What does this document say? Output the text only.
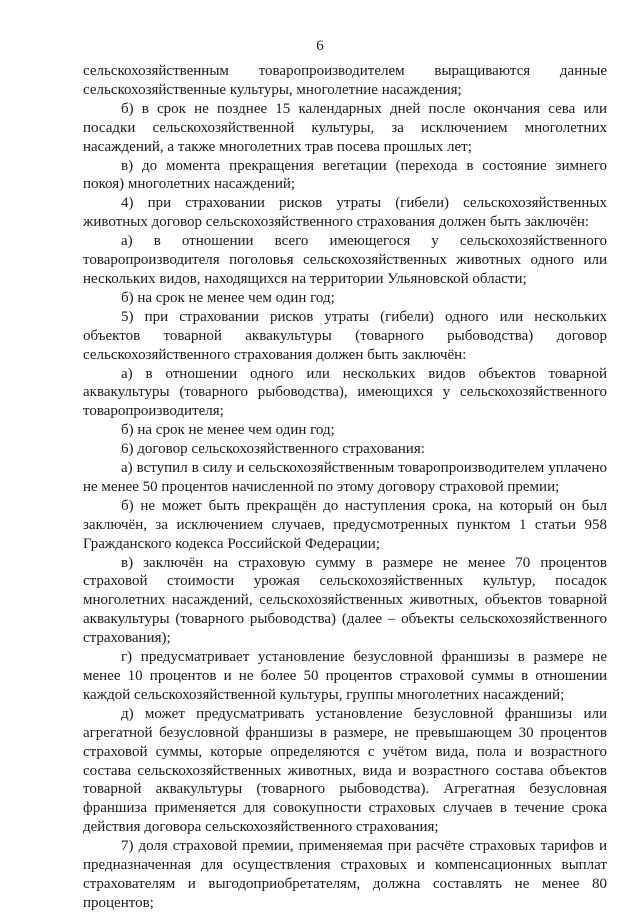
6

сельскохозяйственным товаропроизводителем выращиваются данные сельскохозяйственные культуры, многолетние насаждения;

б) в срок не позднее 15 календарных дней после окончания сева или посадки сельскохозяйственной культуры, за исключением многолетних насаждений, а также многолетних трав посева прошлых лет;

в) до момента прекращения вегетации (перехода в состояние зимнего покоя) многолетних насаждений;

4) при страховании рисков утраты (гибели) сельскохозяйственных животных договор сельскохозяйственного страхования должен быть заключён:

а) в отношении всего имеющегося у сельскохозяйственного товаропроизводителя поголовья сельскохозяйственных животных одного или нескольких видов, находящихся на территории Ульяновской области;

б) на срок не менее чем один год;

5) при страховании рисков утраты (гибели) одного или нескольких объектов товарной аквакультуры (товарного рыбоводства) договор сельскохозяйственного страхования должен быть заключён:

а) в отношении одного или нескольких видов объектов товарной аквакультуры (товарного рыбоводства), имеющихся у сельскохозяйственного товаропроизводителя;

б) на срок не менее чем один год;

6) договор сельскохозяйственного страхования:

а) вступил в силу и сельскохозяйственным товаропроизводителем уплачено не менее 50 процентов начисленной по этому договору страховой премии;

б) не может быть прекращён до наступления срока, на который он был заключён, за исключением случаев, предусмотренных пунктом 1 статьи 958 Гражданского кодекса Российской Федерации;

в) заключён на страховую сумму в размере не менее 70 процентов страховой стоимости урожая сельскохозяйственных культур, посадок многолетних насаждений, сельскохозяйственных животных, объектов товарной аквакультуры (товарного рыбоводства) (далее – объекты сельскохозяйственного страхования);

г) предусматривает установление безусловной франшизы в размере не менее 10 процентов и не более 50 процентов страховой суммы в отношении каждой сельскохозяйственной культуры, группы многолетних насаждений;

д) может предусматривать установление безусловной франшизы или агрегатной безусловной франшизы в размере, не превышающем 30 процентов страховой суммы, которые определяются с учётом вида, пола и возрастного состава сельскохозяйственных животных, вида и возрастного состава объектов товарной аквакультуры (товарного рыбоводства). Агрегатная безусловная франшиза применяется для совокупности страховых случаев в течение срока действия договора сельскохозяйственного страхования;

7) доля страховой премии, применяемая при расчёте страховых тарифов и предназначенная для осуществления страховых и компенсационных выплат страхователям и выгодоприобретателям, должна составлять не менее 80 процентов;
